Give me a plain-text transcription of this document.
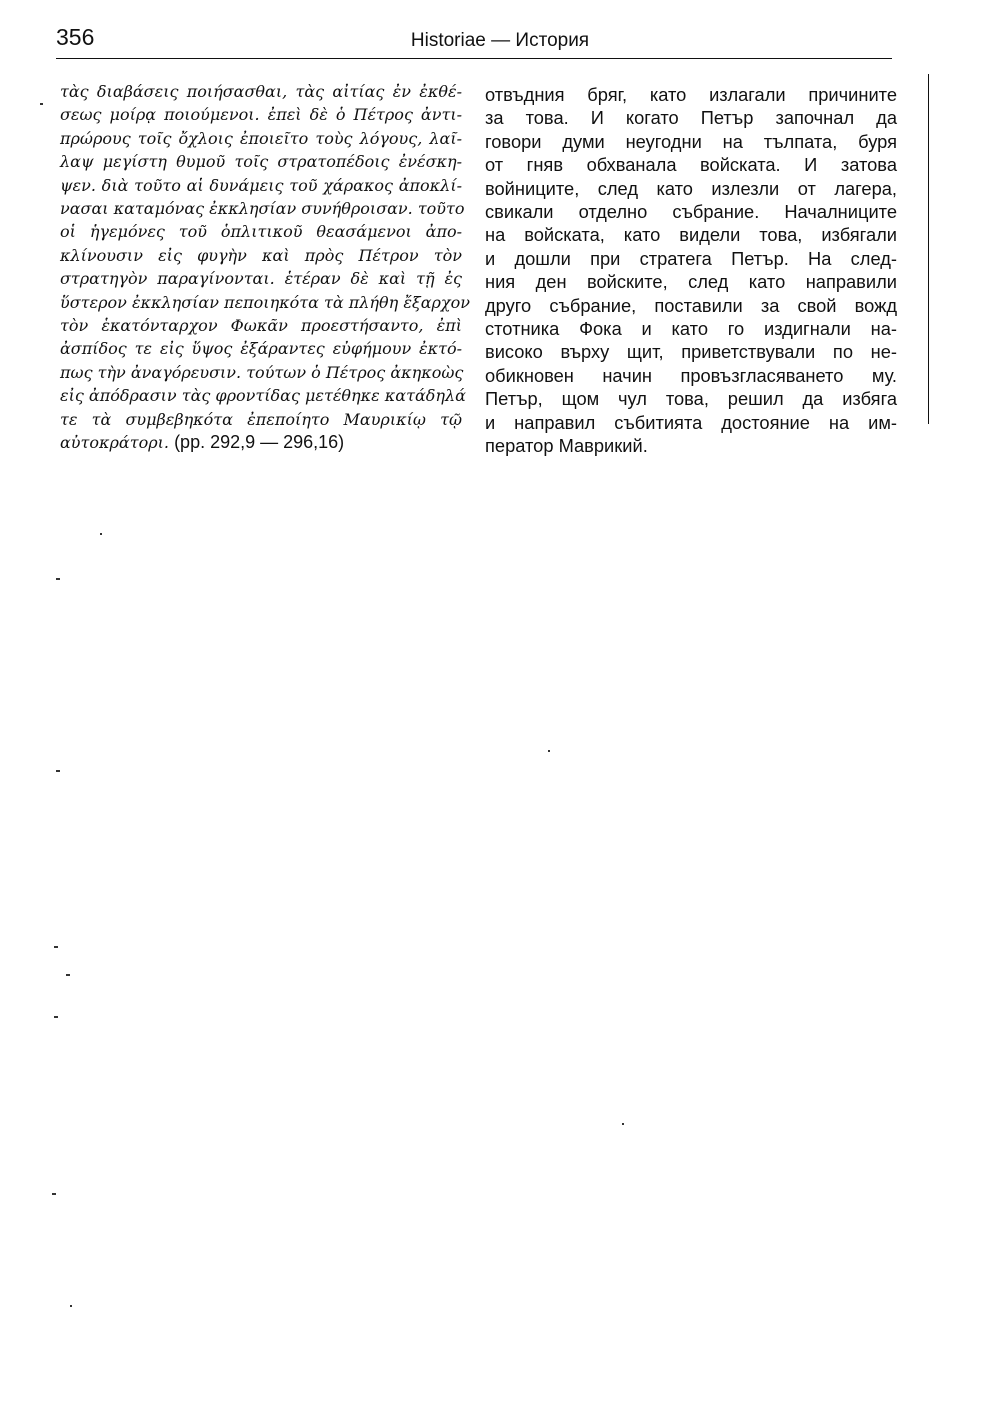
356	Historiae — История
τὰς διαβάσεις ποιήσασθαι, τὰς αἰτίας ἐν ἐκθέ-
σεως μοίρᾳ ποιούμενοι. ἐπεὶ δὲ ὁ Πέτρος ἀντι-
πρώρους τοῖς ὄχλοις ἐποιεῖτο τοὺς λόγους, λαῖ-
λαψ μεγίστη θυμοῦ τοῖς στρατοπέδοις ἐνέσκη-
ψεν. διὰ τοῦτο αἱ δυνάμεις τοῦ χάρακος ἀποκλί-
νασαι καταμόνας ἐκκλησίαν συνήθροισαν. τοῦτο
οἱ ἡγεμόνες τοῦ ὁπλιτικοῦ θεασάμενοι ἀπο-
κλίνουσιν εἰς φυγὴν καὶ πρὸς Πέτρον τὸν
στρατηγὸν παραγίνονται. ἑτέραν δὲ καὶ τῇ ἐς
ὕστερον ἐκκλησίαν πεποιηκότα τὰ πλήθη ἔξαρχον
τὸν ἑκατόνταρχον Φωκᾶν προεστήσαντο, ἐπὶ
ἀσπίδος τε εἰς ὕψος ἐξάραντες εὐφήμουν ἐκτό-
πως τὴν ἀναγόρευσιν. τούτων ὁ Πέτρος ἀκηκοὼς
εἰς ἀπόδρασιν τὰς φροντίδας μετέθηκε κατάδηλά
τε τὰ συμβεβηκότα ἐπεποίητο Μαυρικίῳ τῷ
αὐτοκράτορι. (pp. 292,9 — 296,16)
отвъдния бряг, като излагали причините
за това. И когато Петър започнал да
говори думи неугодни на тълпата, буря
от гняв обхванала войската. И затова
войниците, след като излезли от лагера,
свикали отделно събрание. Началниците
на войската, като видели това, избягали
и дошли при стратега Петър. На след-
ния ден войските, след като направили
друго събрание, поставили за свой вожд
стотника Фока и като го издигнали на-
високо върху щит, приветствували по не-
обикновен начин провъзгласяването му.
Петър, щом чул това, решил да избяга
и направил събитията достояние на им-
ператор Маврикий.
